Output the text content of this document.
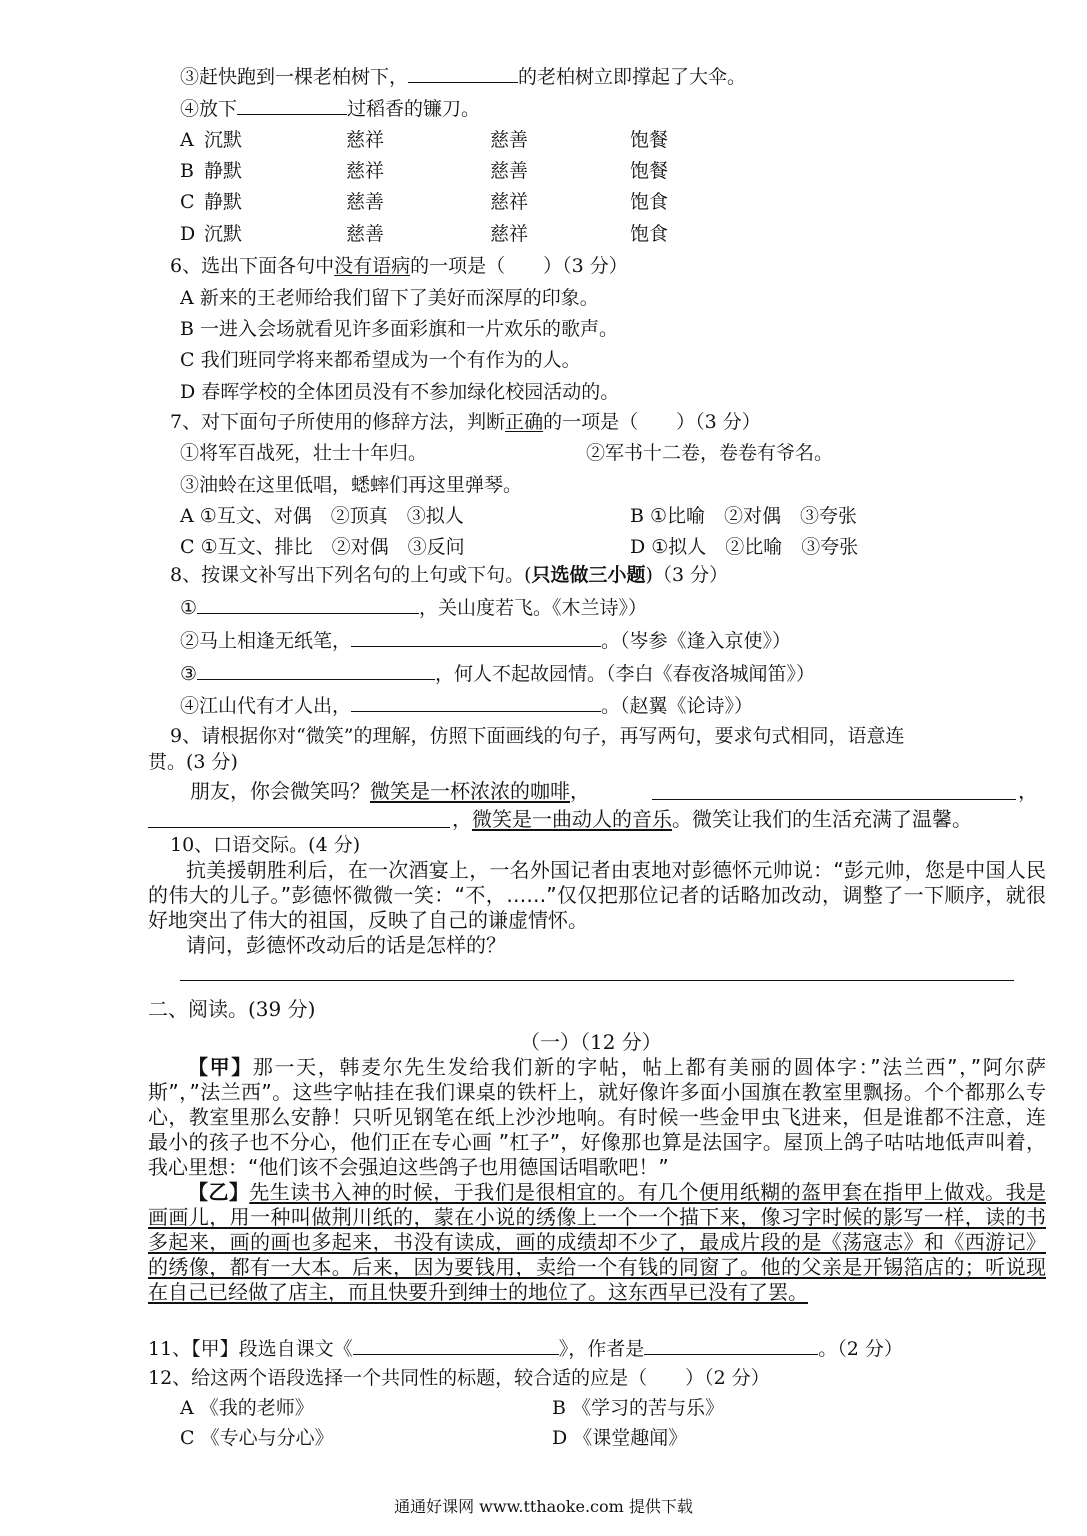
③赶快跑到一棵老柏树下，	的老柏树立即撑起了大伞。
④放下	过稻香的镰刀。
A 沉默	慈祥	慈善	饱餐
B 静默	慈祥	慈善	饱餐
C 静默	慈善	慈祥	饱食
D 沉默	慈善	慈祥	饱食
6、选出下面各句中没有语病的一项是（　　）（3 分）
A 新来的王老师给我们留下了美好而深厚的印象。
B 一进入会场就看见许多面彩旗和一片欢乐的歌声。
C 我们班同学将来都希望成为一个有作为的人。
D 春晖学校的全体团员没有不参加绿化校园活动的。
7、对下面句子所使用的修辞方法，判断正确的一项是（　　）（3 分）
①将军百战死，壮士十年归。	②军书十二卷，卷卷有爷名。
③油蛉在这里低唱，蟋蟀们再这里弹琴。
A ①互文、对偶　②顶真　③拟人	B ①比喻　②对偶　③夸张
C ①互文、排比　②对偶　③反问	D ①拟人　②比喻　③夸张
8、按课文补写出下列名句的上句或下句。(只选做三小题)（3 分）
①	，关山度若飞。《木兰诗》）
②马上相逢无纸笔，	。（岑参《逢入京使》）
③	，何人不起故园情。（李白《春夜洛城闻笛》）
④江山代有才人出，	。（赵翼《论诗》）
9、请根据你对“微笑”的理解，仿照下面画线的句子，再写两句，要求句式相同，语意连
贯。(3 分)
朋友，你会微笑吗？微笑是一杯浓浓的咖啡，	，
，微笑是一曲动人的音乐。微笑让我们的生活充满了温馨。
10、口语交际。(4 分)
抗美援朝胜利后，在一次酒宴上，一名外国记者由衷地对彭德怀元帅说：“彭元帅，您是中国人民的伟大的儿子。”彭德怀微微一笑：“不，……”仅仅把那位记者的话略加改动，调整了一下顺序，就很好地突出了伟大的祖国，反映了自己的谦虚情怀。
请问，彭德怀改动后的话是怎样的？
二、阅读。(39 分)
（一）（12 分）
【甲】那一天，韩麦尔先生发给我们新的字帖，帖上都有美丽的圆体字：”法兰西”，”阿尔萨斯”，”法兰西”。这些字帖挂在我们课桌的铁杆上，就好像许多面小国旗在教室里飘扬。个个都那么专心，教室里那么安静！只听见钢笔在纸上沙沙地响。有时候一些金甲虫飞进来，但是谁都不注意，连最小的孩子也不分心，他们正在专心画 ”杠子”，好像那也算是法国字。屋顶上鸽子咕咕地低声叫着，我心里想：“他们该不会强迫这些鸽子也用德国话唱歌吧！”
【乙】先生读书入神的时候，于我们是很相宜的。有几个便用纸糊的盔甲套在指甲上做戏。我是画画儿，用一种叫做荆川纸的，蒙在小说的绣像上一个一个描下来，像习字时候的影写一样，读的书多起来，画的画也多起来，书没有读成，画的成绩却不少了，最成片段的是《荡寇志》和《西游记》的绣像，都有一大本。后来，因为要钱用，卖给一个有钱的同窗了。他的父亲是开锡箔店的；听说现在自己已经做了店主，而且快要升到绅士的地位了。这东西早已没有了罢。
11、【甲】段选自课文《	》，作者是	。（2 分）
12、给这两个语段选择一个共同性的标题，较合适的应是（　　）（2 分）
A 《我的老师》	B 《学习的苦与乐》
C 《专心与分心》	D 《课堂趣闻》
通通好课网 www.tthaoke.com 提供下载
